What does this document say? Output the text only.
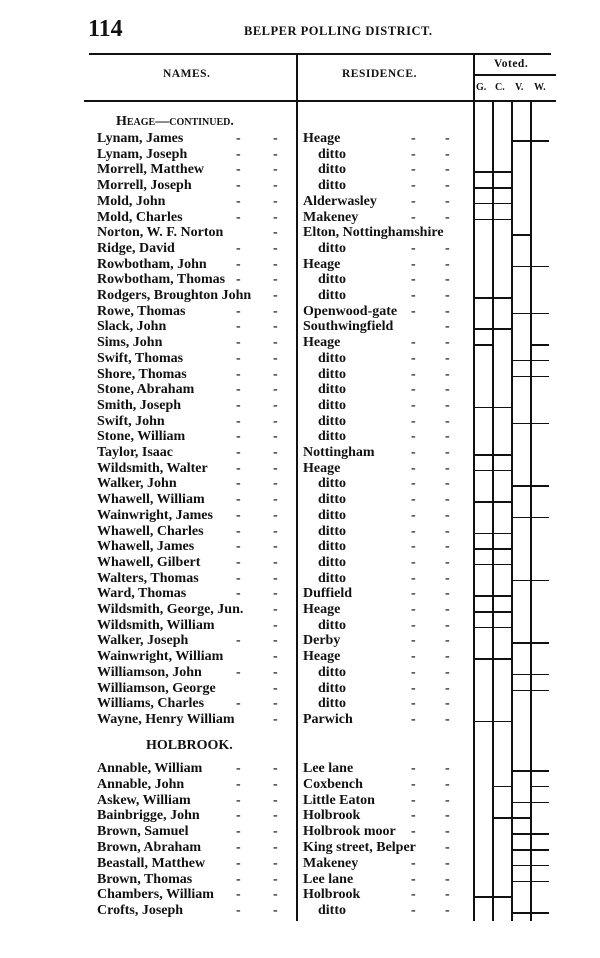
114	BELPER POLLING DISTRICT.
NAMES.	RESIDENCE.
Voted.
G. C. V. W.
Heage—continued.
Lynam, James	- - Heage	- -
Lynam, Joseph	- -	ditto	- -
Morrell, Matthew - -	ditto	- -
Morrell, Joseph	- -	ditto	- -
Mold, John	- - Alderwasley - -
Mold, Charles	- - Makeney	- -
Norton, W. F. Norton	- Elton, Nottinghamshire
Ridge, David	- -	ditto	- -
Rowbotham, John - - Heage	- -
Rowbotham, Thomas - -	ditto	- -
Rodgers, Broughton John -	ditto	- -
Rowe, Thomas	- - Openwood-gate - -
Slack, John	- - Southwingfield	-
Sims, John	- - Heage	- -
Swift, Thomas	- -	ditto	- -
Shore, Thomas	- -	ditto	- -
Stone, Abraham	- -	ditto	- -
Smith, Joseph	- -	ditto	- -
Swift, John	- -	ditto	- -
Stone, William	- -	ditto	- -
Taylor, Isaac	- - Nottingham	- -
Wildsmith, Walter - - Heage	- -
Walker, John	- -	ditto	- -
Whawell, William - -	ditto	- -
Wainwright, James - -	ditto	- -
Whawell, Charles - -	ditto	- -
Whawell, James	- -	ditto	- -
Whawell, Gilbert	- -	ditto	- -
Walters, Thomas	- -	ditto	- -
Ward, Thomas	- - Duffield	- -
Wildsmith, George, Jun. - Heage	- -
Wildsmith, William	-	ditto	- -
Walker, Joseph	- - Derby	- -
Wainwright, William	- Heage	- -
Williamson, John - -	ditto	- -
Williamson, George	-	ditto	- -
Williams, Charles - -	ditto	- -
Wayne, Henry William	- Parwich	- -
HOLBROOK.
Annable, William - - Lee lane	- -
Annable, John	- - Coxbench	- -
Askew, William	- - Little Eaton	- -
Bainbrigge, John	- - Holbrook	- -
Brown, Samuel	- - Holbrook moor - -
Brown, Abraham	- - King street, Belper -
Beastall, Matthew - - Makeney	- -
Brown, Thomas	- - Lee lane	- -
Chambers, William - - Holbrook	- -
Crofts, Joseph	- -	ditto	- -
